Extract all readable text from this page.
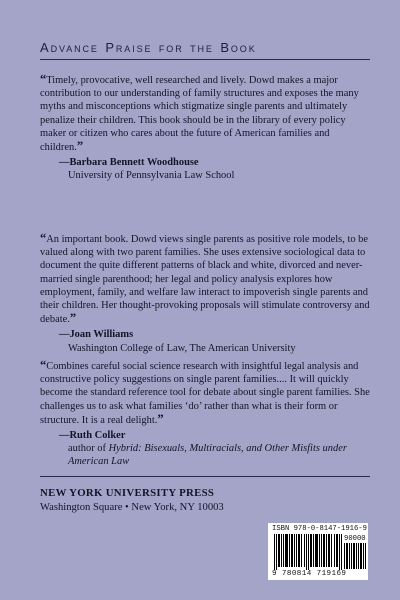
Advance Praise for the Book

“Timely, provocative, well researched and lively. Dowd makes a major contribution to our understanding of family structures and exposes the many myths and misconceptions which stigmatize single parents and ultimately penalize their children. This book should be in the library of every policy maker or citizen who cares about the future of American families and children.”

—Barbara Bennett Woodhouse
University of Pennsylvania Law School

“An important book. Dowd views single parents as positive role models, to be valued along with two parent families. She uses extensive sociological data to document the quite different patterns of black and white, divorced and never-married single parenthood; her legal and policy analysis explores how employment, family, and welfare law interact to impoverish single parents and their children. Her thought-provoking proposals will stimulate controversy and debate.”

—Joan Williams
Washington College of Law, The American University

“Combines careful social science research with insightful legal analysis and constructive policy suggestions on single parent families.... It will quickly become the standard reference tool for debate about single parent families. She challenges us to ask what families ‘do’ rather than what is their form or structure. It is a real delight.”

—Ruth Colker
author of Hybrid: Bisexuals, Multiracials, and Other Misfits under American Law
NEW YORK UNIVERSITY PRESS
Washington Square • New York, NY 10003
ISBN 978-0-8147-1916-9
90000
9 780814 719169
